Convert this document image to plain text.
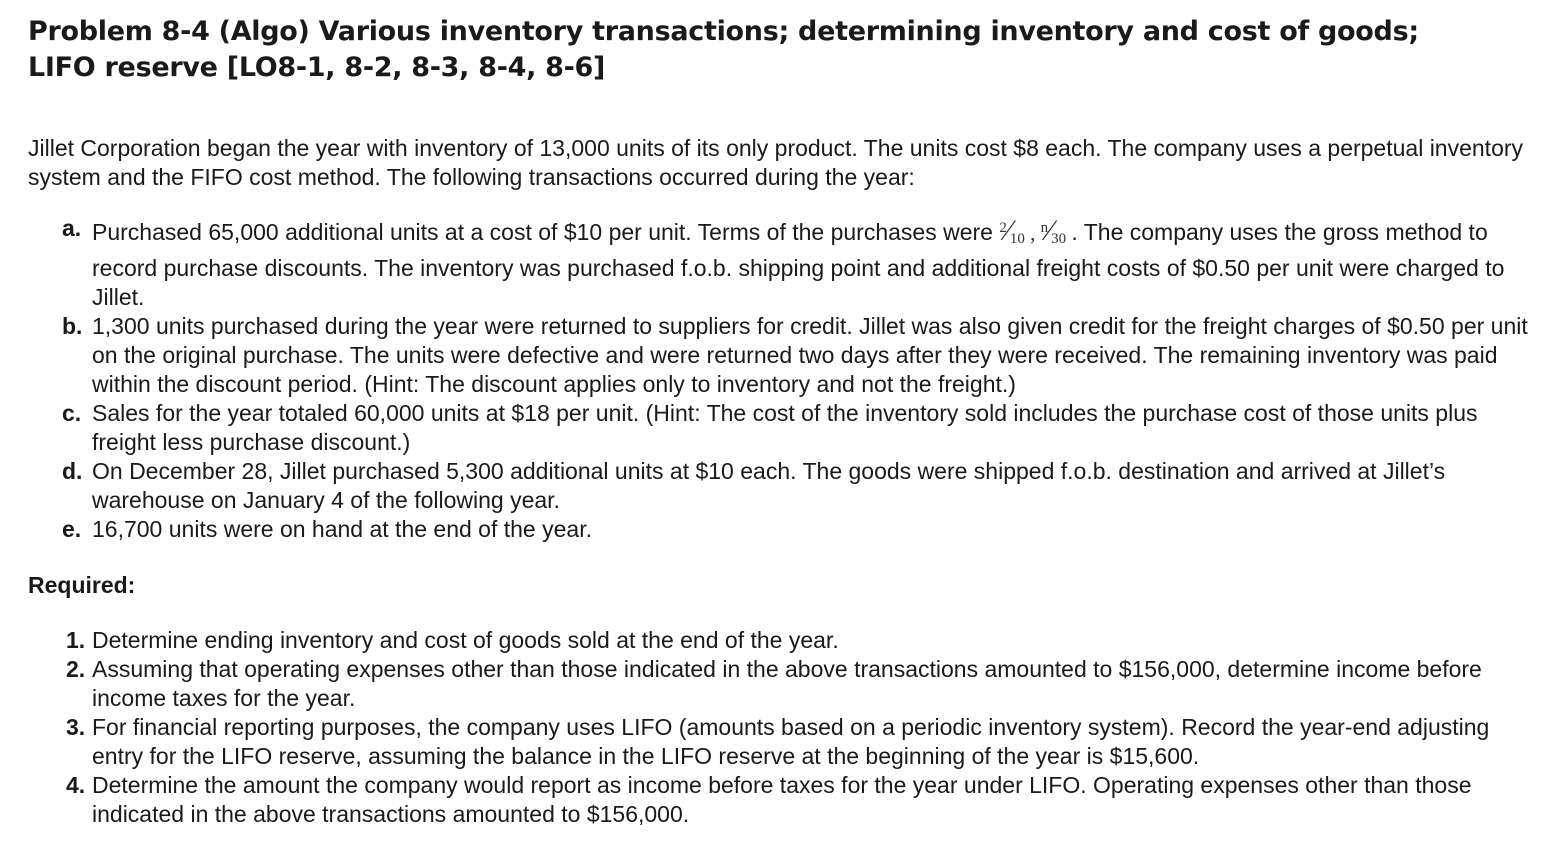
Problem 8-4 (Algo) Various inventory transactions; determining inventory and cost of goods; LIFO reserve [LO8-1, 8-2, 8-3, 8-4, 8-6]

Jillet Corporation began the year with inventory of 13,000 units of its only product. The units cost $8 each. The company uses a perpetual inventory system and the FIFO cost method. The following transactions occurred during the year:

a. Purchased 65,000 additional units at a cost of $10 per unit. Terms of the purchases were $^2⁄_{10}$ , $^n⁄_{30}$ . The company uses the gross method to record purchase discounts. The inventory was purchased f.o.b. shipping point and additional freight costs of $0.50 per unit were charged to Jillet.
b. 1,300 units purchased during the year were returned to suppliers for credit. Jillet was also given credit for the freight charges of $0.50 per unit on the original purchase. The units were defective and were returned two days after they were received. The remaining inventory was paid within the discount period. (Hint: The discount applies only to inventory and not the freight.)
c. Sales for the year totaled 60,000 units at $18 per unit. (Hint: The cost of the inventory sold includes the purchase cost of those units plus freight less purchase discount.)
d. On December 28, Jillet purchased 5,300 additional units at $10 each. The goods were shipped f.o.b. destination and arrived at Jillet’s warehouse on January 4 of the following year.
e. 16,700 units were on hand at the end of the year.
Required:
1. Determine ending inventory and cost of goods sold at the end of the year.
2. Assuming that operating expenses other than those indicated in the above transactions amounted to $156,000, determine income before income taxes for the year.
3. For financial reporting purposes, the company uses LIFO (amounts based on a periodic inventory system). Record the year-end adjusting entry for the LIFO reserve, assuming the balance in the LIFO reserve at the beginning of the year is $15,600.
4. Determine the amount the company would report as income before taxes for the year under LIFO. Operating expenses other than those indicated in the above transactions amounted to $156,000.
